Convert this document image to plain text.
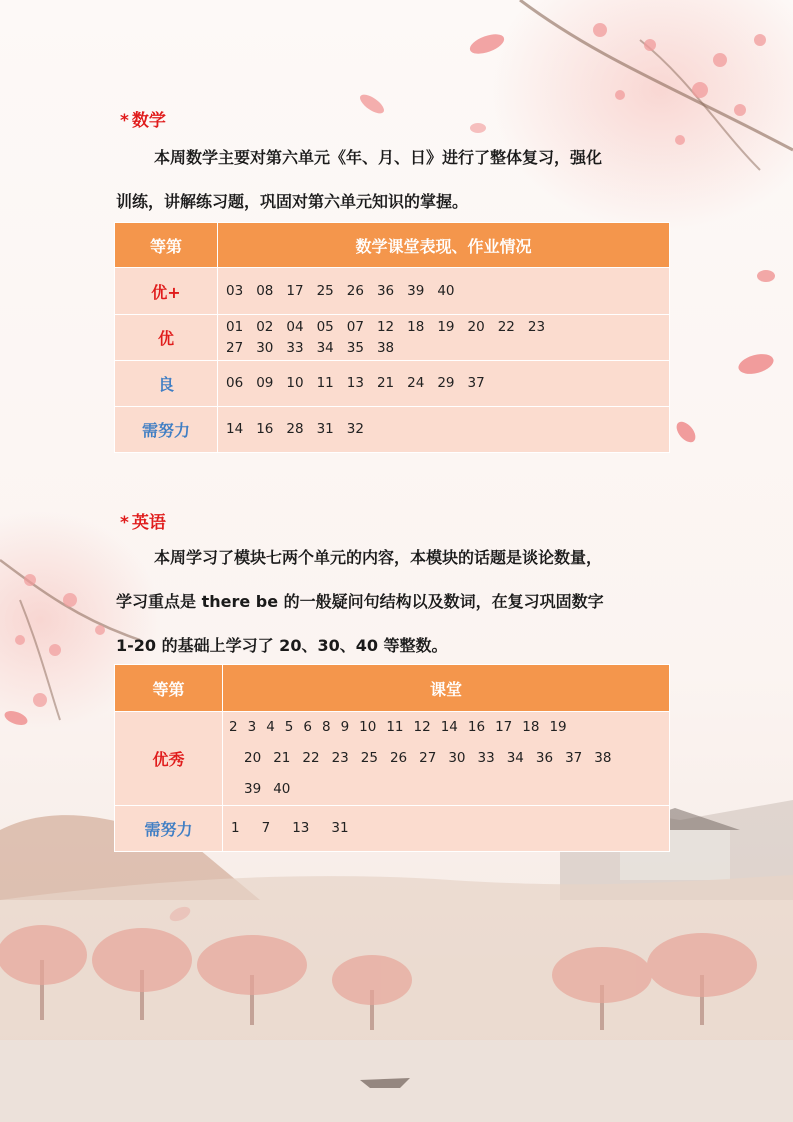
* 数学

本周数学主要对第六单元《年、月、日》进行了整体复习，强化
训练，讲解练习题，巩固对第六单元知识的掌握。

等第	数学课堂表现、作业情况
优+	03 08 17 25 26 36 39 40

优	01 02 04 05 07 12 18 19 20 22 23
27 30 33 34 35 38

良	06 09 10 11 13 21 24 29 37

需努力	14 16 28 31 32
* 英语

本周学习了模块七两个单元的内容，本模块的话题是谈论数量，
学习重点是 there be 的一般疑问句结构以及数词，在复习巩固数字
1-20 的基础上学习了 20、30、40 等整数。

等第	课堂
优秀	2 3 4 5 6 8 9 10 11 12 14 16 17 18 19
20 21 22 23 25 26 27 30 33 34 36 37 38
39 40

需努力	1 7 13 31
